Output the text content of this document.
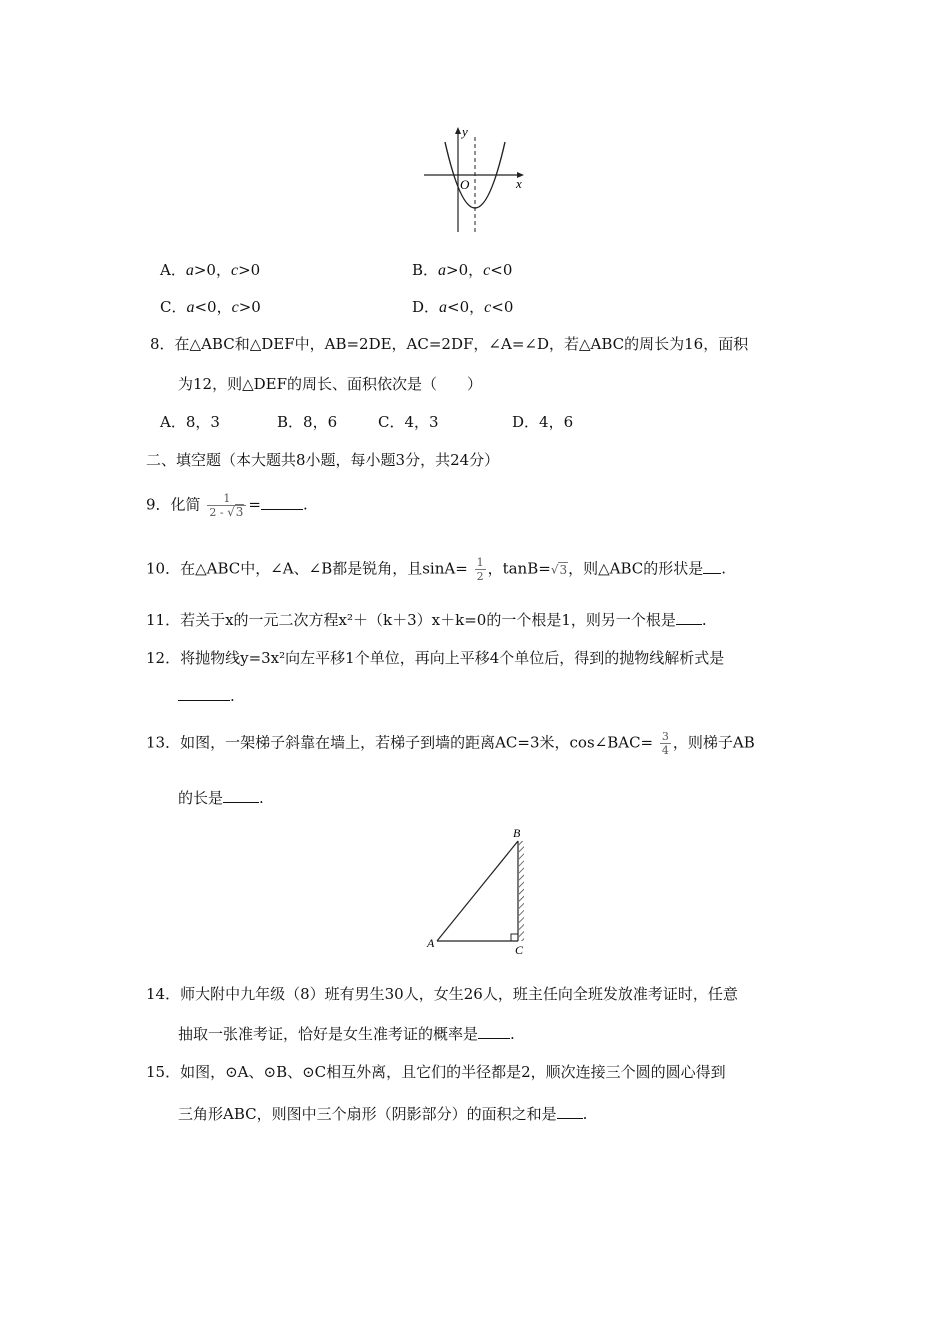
y
x
O
A．a>0，c>0	B．a>0，c<0
C．a<0，c>0	D．a<0，c<0
8．在△ABC和△DEF中，AB=2DE，AC=2DF，∠A=∠D，若△ABC的周长为16，面积
为12，则△DEF的周长、面积依次是（　　）
A．8，3	B．8，6	C．4，3	D．4，6
二、填空题（本大题共8小题，每小题3分，共24分）
9．化简 $\frac{1}{2 - √3}$ =	.
10．在△ABC中，∠A、∠B都是锐角，且$\sin A= \frac{1}{2}$ ，tanB=√3，则△ABC的形状是 .
11．若关于x的一元二次方程x²＋（k＋3）x＋k=0的一个根是1，则另一个根是 .
12．将抛物线y=3x²向左平移1个单位，再向上平移4个单位后，得到的抛物线解析式是
.
13．如图，一架梯子斜靠在墙上，若梯子到墙的距离AC=3米，cos∠BAC= $\frac{3}{4}$ ，则梯子AB
的长是 .
A
B
C
14．师大附中九年级（8）班有男生30人，女生26人，班主任向全班发放准考证时，任意
抽取一张准考证，恰好是女生准考证的概率是 .
15．如图，⊙A、⊙B、⊙C相互外离，且它们的半径都是2，顺次连接三个圆的圆心得到
三角形ABC，则图中三个扇形（阴影部分）的面积之和是 .
